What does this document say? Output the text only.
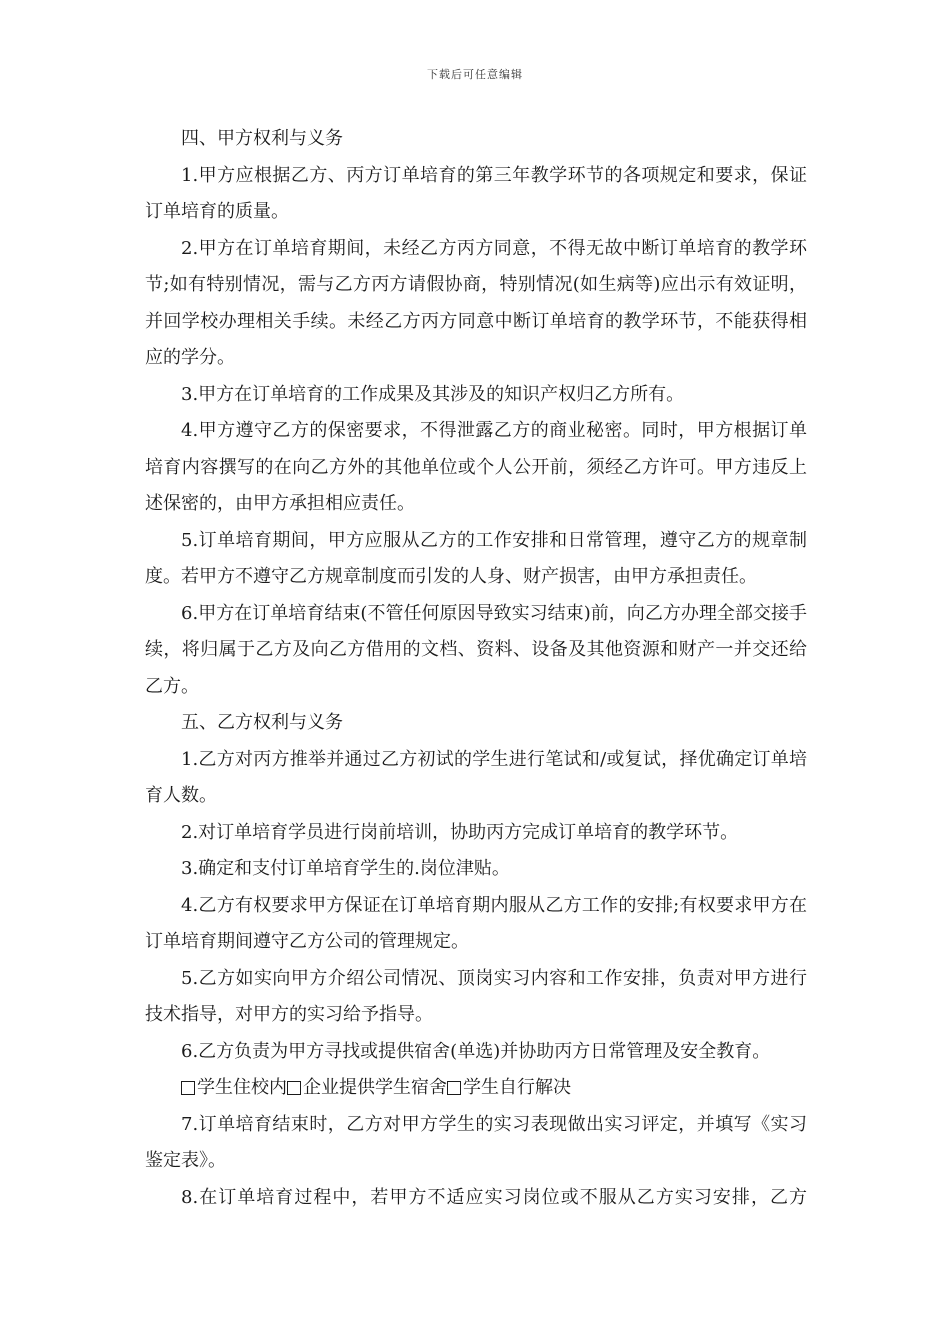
下载后可任意编辑

四、甲方权利与义务

1.甲方应根据乙方、丙方订单培育的第三年教学环节的各项规定和要求，保证订单培育的质量。

2.甲方在订单培育期间，未经乙方丙方同意，不得无故中断订单培育的教学环节;如有特别情况，需与乙方丙方请假协商，特别情况(如生病等)应出示有效证明，并回学校办理相关手续。未经乙方丙方同意中断订单培育的教学环节，不能获得相应的学分。

3.甲方在订单培育的工作成果及其涉及的知识产权归乙方所有。

4.甲方遵守乙方的保密要求，不得泄露乙方的商业秘密。同时，甲方根据订单培育内容撰写的在向乙方外的其他单位或个人公开前，须经乙方许可。甲方违反上述保密的，由甲方承担相应责任。

5.订单培育期间，甲方应服从乙方的工作安排和日常管理，遵守乙方的规章制度。若甲方不遵守乙方规章制度而引发的人身、财产损害，由甲方承担责任。

6.甲方在订单培育结束(不管任何原因导致实习结束)前，向乙方办理全部交接手续，将归属于乙方及向乙方借用的文档、资料、设备及其他资源和财产一并交还给乙方。

五、乙方权利与义务

1.乙方对丙方推举并通过乙方初试的学生进行笔试和/或复试，择优确定订单培育人数。

2.对订单培育学员进行岗前培训，协助丙方完成订单培育的教学环节。

3.确定和支付订单培育学生的.岗位津贴。

4.乙方有权要求甲方保证在订单培育期内服从乙方工作的安排;有权要求甲方在订单培育期间遵守乙方公司的管理规定。

5.乙方如实向甲方介绍公司情况、顶岗实习内容和工作安排，负责对甲方进行技术指导，对甲方的实习给予指导。

6.乙方负责为甲方寻找或提供宿舍(单选)并协助丙方日常管理及安全教育。

学生住校内 企业提供学生宿舍 学生自行解决

7.订单培育结束时，乙方对甲方学生的实习表现做出实习评定，并填写《实习鉴定表》。

8.在订单培育过程中，若甲方不适应实习岗位或不服从乙方实习安排，乙方
